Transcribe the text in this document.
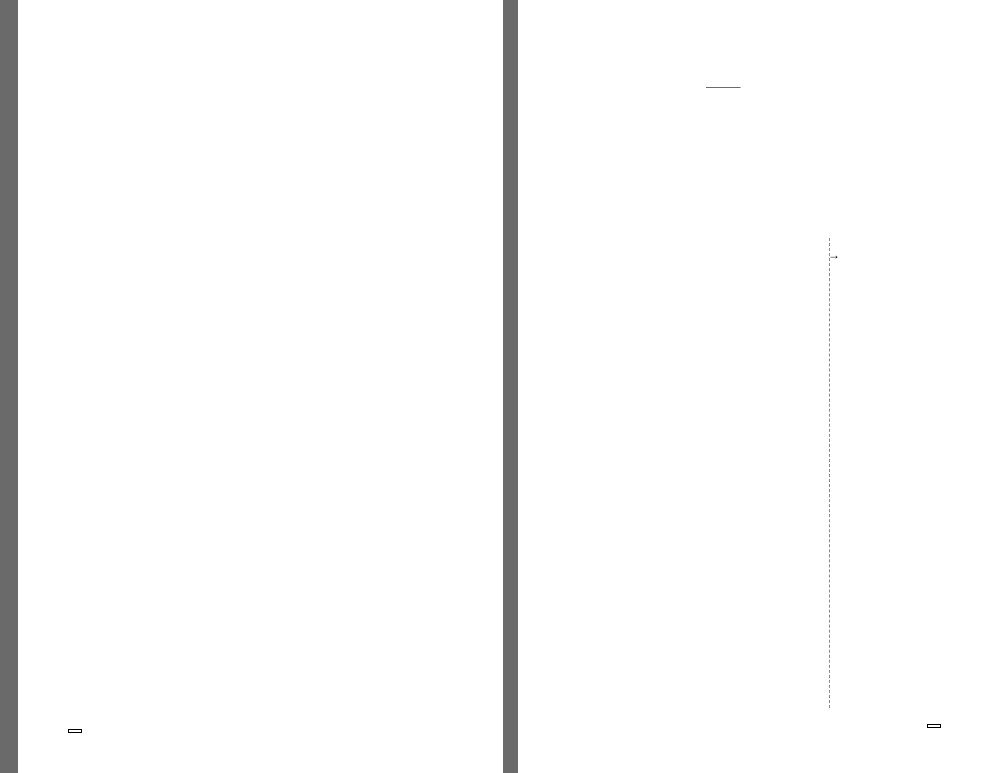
———
→
